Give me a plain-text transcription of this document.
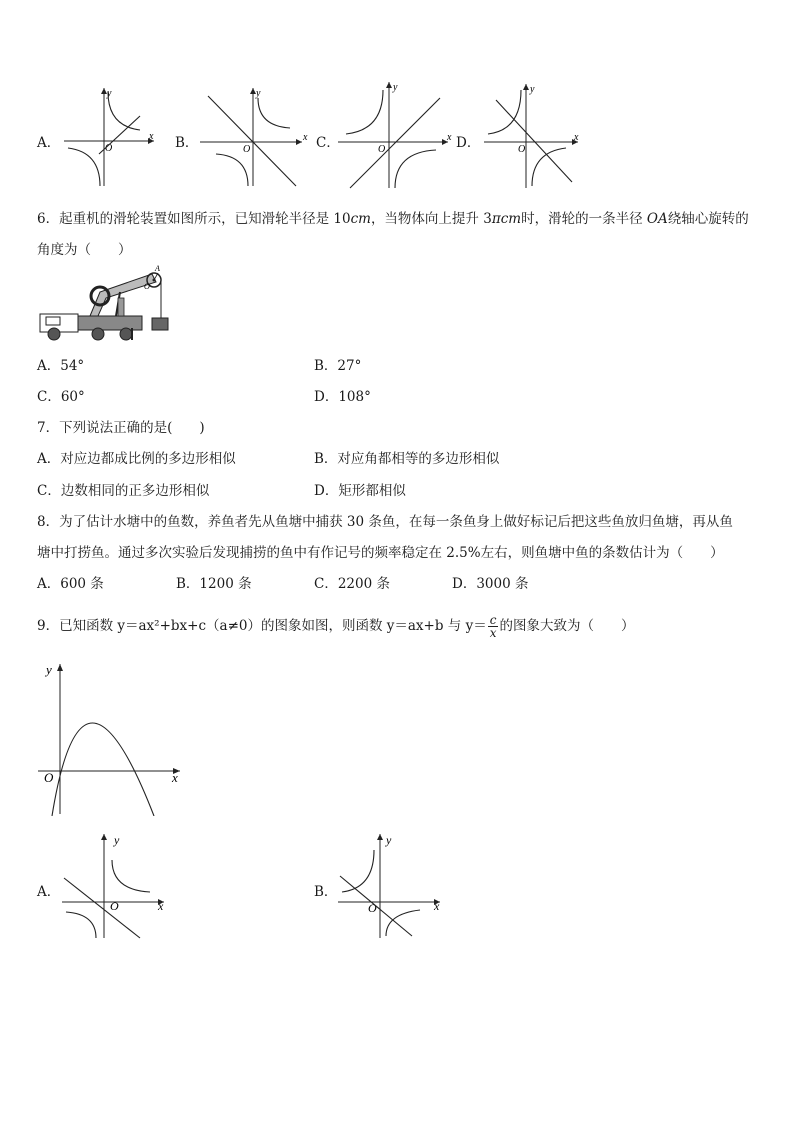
A．
y
x
O	B．
y
x
O	C．
y
x
O	D．
y
x
O
6．起重机的滑轮装置如图所示，已知滑轮半径是 10cm，当物体向上提升 3πcm时，滑轮的一条半径 OA绕轴心旋转的
角度为（　　）
A
O
A．54°	B．27°
C．60°	D．108°
7．下列说法正确的是(　　)
A．对应边都成比例的多边形相似	B．对应角都相等的多边形相似
C．边数相同的正多边形相似	D．矩形都相似
8．为了估计水塘中的鱼数，养鱼者先从鱼塘中捕获 30 条鱼，在每一条鱼身上做好标记后把这些鱼放归鱼塘，再从鱼
塘中打捞鱼。通过多次实验后发现捕捞的鱼中有作记号的频率稳定在 2.5%左右，则鱼塘中鱼的条数估计为（　　）
A．600 条	B．1200 条	C．2200 条	D．3000 条
9．已知函数 y＝ax²+bx+c（a≠0）的图象如图，则函数 y＝ax+b 与 $y= \frac{c}{x}$ 的图象大致为（　　）
y
x
O
A．
y
x
O
B．
y
x
O
